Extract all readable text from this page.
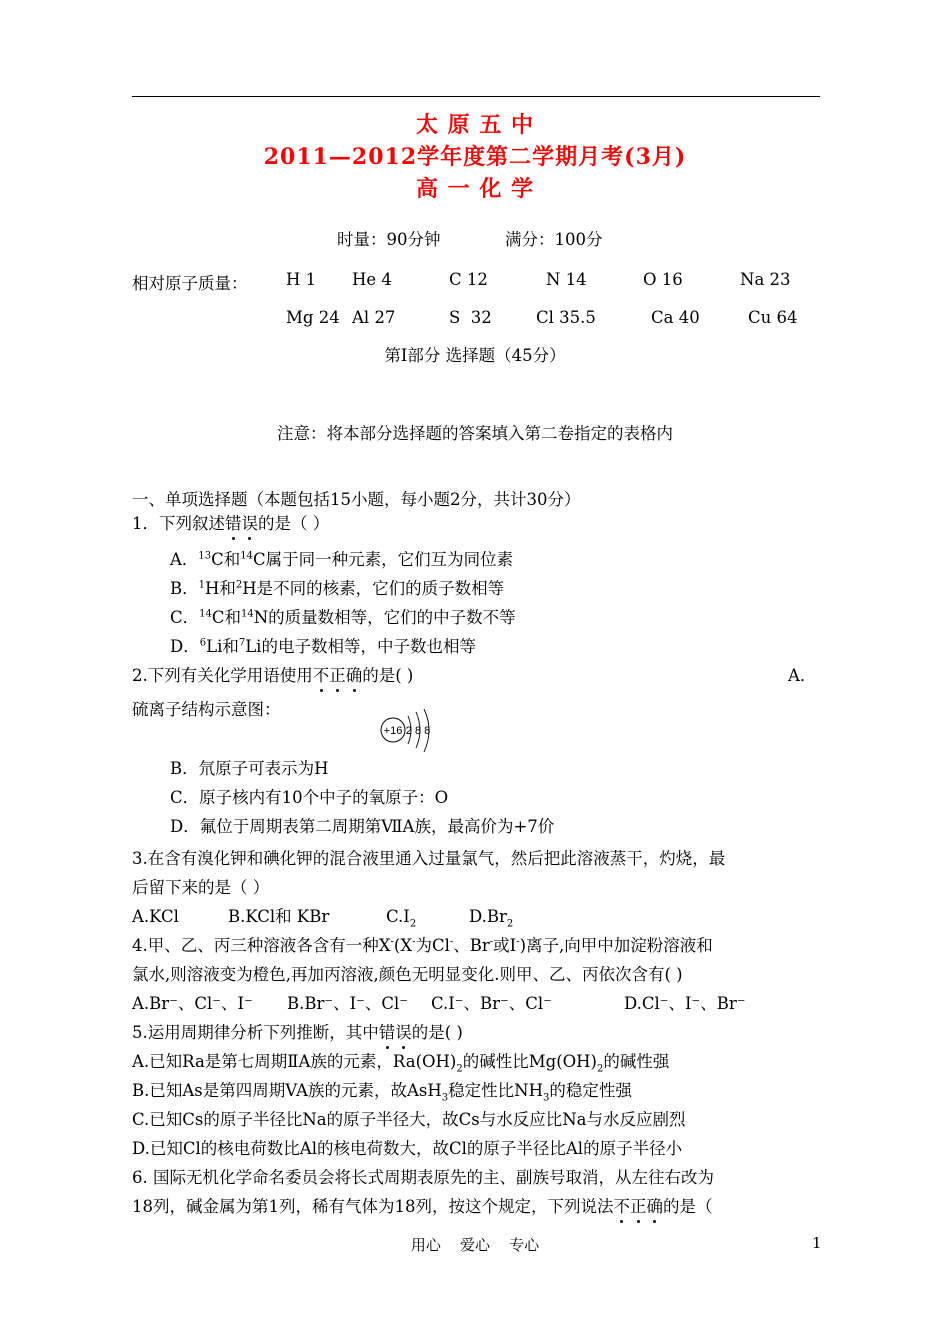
太 原 五 中
2011—2012学年度第二学期月考(3月)
高 一 化 学
时量：90分钟	满分：100分
相对原子质量： H 1 He 4	C 12	N 14	O 16	Na 23
Mg 24 Al 27	S  32	Cl 35.5	Ca 40	Cu 64
第Ⅰ部分 选择题（45分）
注意：将本部分选择题的答案填入第二卷指定的表格内
一、单项选择题（本题包括15小题，每小题2分，共计30分）
1．下列叙述错误的是（ ）
A．$^{13}$C和$^{14}$C属于同一种元素，它们互为同位素
B．$^1$H和$^2$H是不同的核素，它们的质子数相等
C．$^{14}$C和$^{14}$N的质量数相等，它们的中子数不等
D．$^6$Li和$^7$Li的电子数相等，中子数也相等
2.下列有关化学用语使用不正确的是( )	A．
硫离子结构示意图：
+16 2 8 8
B．氘原子可表示为H
C．原子核内有10个中子的氧原子：O
D．氟位于周期表第二周期第ⅦA族，最高价为+7价
3.在含有溴化钾和碘化钾的混合液里通入过量氯气，然后把此溶液蒸干，灼烧，最
后留下来的是（ ）
A.KCl	B.KCl和 KBr	$C.I_2$	$D.Br_2$
4.甲、乙、丙三种溶液各含有一种X-(X-为Cl-、Br-或I-)离子,向甲中加淀粉溶液和
氯水,则溶液变为橙色,再加丙溶液,颜色无明显变化.则甲、乙、丙依次含有( )
A.Br⁻、Cl⁻、I⁻ B.Br⁻、I⁻、Cl⁻ C.I⁻、Br⁻、Cl⁻	D.Cl⁻、I⁻、Br⁻
5.运用周期律分析下列推断，其中错误的是( )
A.已知Ra是第七周期ⅡA族的元素，$Ra(OH)_2$的碱性比$Mg(OH)_2$的碱性强
B.已知As是第四周期VA族的元素，故AsH$_3$稳定性比$NH_3$的稳定性强
C.已知Cs的原子半径比Na的原子半径大，故Cs与水反应比Na与水反应剧烈
D.已知Cl的核电荷数比Al的核电荷数大，故Cl的原子半径比Al的原子半径小
6. 国际无机化学命名委员会将长式周期表原先的主、副族号取消，从左往右改为
18列，碱金属为第1列，稀有气体为18列，按这个规定，下列说法不正确的是（
用心    爱心    专心	1
